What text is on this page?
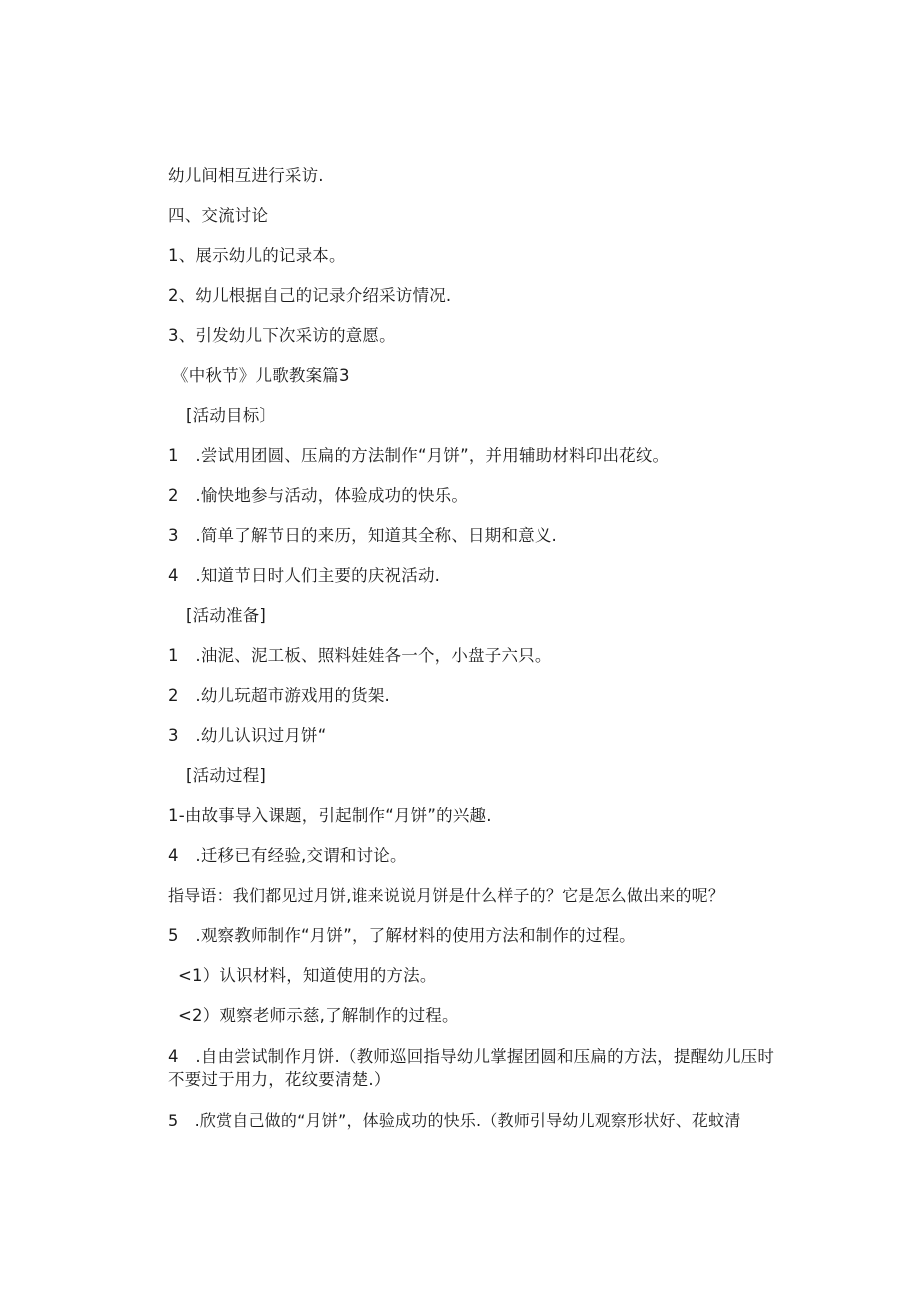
幼儿间相互进行采访.
四、交流讨论
1、展示幼儿的记录本。
2、幼儿根据自己的记录介绍采访情况.
3、引发幼儿下次采访的意愿。
《中秋节》儿歌教案篇3
[活动目标〕
1　.尝试用团圆、压扁的方法制作“月饼”，并用辅助材料印出花纹。
2　.愉快地参与活动，体验成功的快乐。
3　.简单了解节日的来历，知道其全称、日期和意义.
4　.知道节日时人们主要的庆祝活动.
[活动准备]
1　.油泥、泥工板、照料娃娃各一个，小盘子六只。
2　.幼儿玩超市游戏用的货架.
3　.幼儿认识过月饼“
[活动过程]
1-由故事导入课题，引起制作“月饼”的兴趣.
4　.迁移已有经验,交谓和讨论。
指导语：我们都见过月饼,谁来说说月饼是什么样子的？它是怎么做出来的呢？
5　.观察教师制作“月饼”，了解材料的使用方法和制作的过程。
<1）认识材料，知道使用的方法。
<2）观察老师示慈,了解制作的过程。
4　.自由尝试制作月饼.（教师巡回指导幼儿掌握团圆和压扁的方法，提醒幼儿压时不要过于用力，花纹要清楚.）
5　.欣赏自己做的“月饼”，体验成功的快乐.（教师引导幼儿观察形状好、花蚊清
